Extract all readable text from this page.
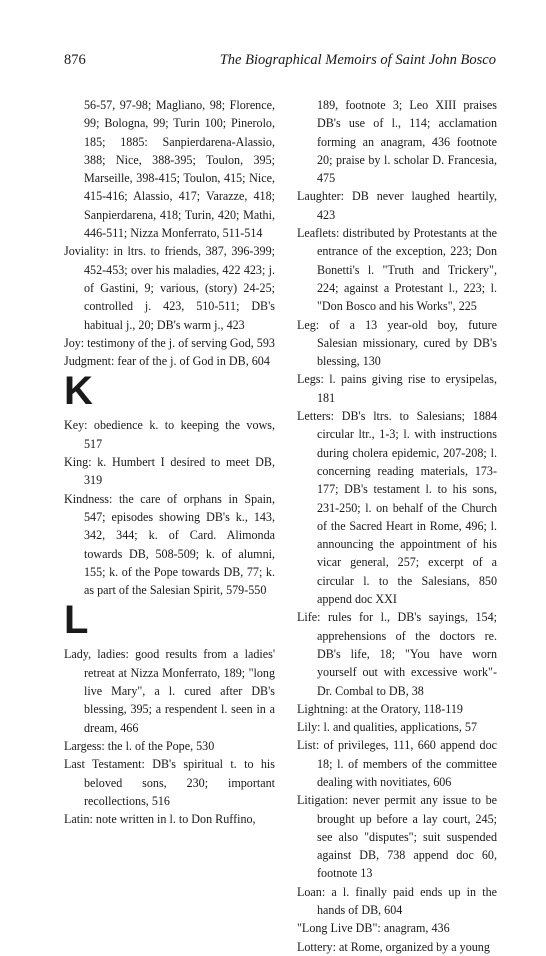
876	The Biographical Memoirs of Saint John Bosco

56-57, 97-98; Magliano, 98; Florence, 99; Bologna, 99; Turin 100; Pinerolo, 185; 1885: Sanpierdarena-Alassio, 388; Nice, 388-395; Toulon, 395; Marseille, 398-415; Toulon, 415; Nice, 415-416; Alassio, 417; Varazze, 418; Sanpierdarena, 418; Turin, 420; Mathi, 446-511; Nizza Monferrato, 511-514

Joviality: in ltrs. to friends, 387, 396-399; 452-453; over his maladies, 422 423; j. of Gastini, 9; various, (story) 24-25; controlled j. 423, 510-511; DB's habitual j., 20; DB's warm j., 423

Joy: testimony of the j. of serving God, 593

Judgment: fear of the j. of God in DB, 604

K

Key: obedience k. to keeping the vows, 517

King: k. Humbert I desired to meet DB, 319

Kindness: the care of orphans in Spain, 547; episodes showing DB's k., 143, 342, 344; k. of Card. Alimonda towards DB, 508-509; k. of alumni, 155; k. of the Pope towards DB, 77; k. as part of the Salesian Spirit, 579-550

L

Lady, ladies: good results from a ladies' retreat at Nizza Monferrato, 189; "long live Mary", a l. cured after DB's blessing, 395; a respendent l. seen in a dream, 466

Largess: the l. of the Pope, 530

Last Testament: DB's spiritual t. to his beloved sons, 230; important recollections, 516

Latin: note written in l. to Don Ruffino,

189, footnote 3; Leo XIII praises DB's use of l., 114; acclamation forming an anagram, 436 footnote 20; praise by l. scholar D. Francesia, 475

Laughter: DB never laughed heartily, 423

Leaflets: distributed by Protestants at the entrance of the exception, 223; Don Bonetti's l. "Truth and Trickery", 224; against a Protestant l., 223; l. "Don Bosco and his Works", 225

Leg: of a 13 year-old boy, future Salesian missionary, cured by DB's blessing, 130

Legs: l. pains giving rise to erysipelas, 181

Letters: DB's ltrs. to Salesians; 1884 circular ltr., 1-3; l. with instructions during cholera epidemic, 207-208; l. concerning reading materials, 173-177; DB's testament l. to his sons, 231-250; l. on behalf of the Church of the Sacred Heart in Rome, 496; l. announcing the appointment of his vicar general, 257; excerpt of a circular l. to the Salesians, 850 append doc XXI

Life: rules for l., DB's sayings, 154; apprehensions of the doctors re. DB's life, 18; "You have worn yourself out with excessive work"-Dr. Combal to DB, 38

Lightning: at the Oratory, 118-119

Lily: l. and qualities, applications, 57

List: of privileges, 111, 660 append doc 18; l. of members of the committee dealing with novitiates, 606

Litigation: never permit any issue to be brought up before a lay court, 245; see also "disputes"; suit suspended against DB, 738 append doc 60, footnote 13

Loan: a l. finally paid ends up in the hands of DB, 604

"Long Live DB": anagram, 436

Lottery: at Rome, organized by a young
